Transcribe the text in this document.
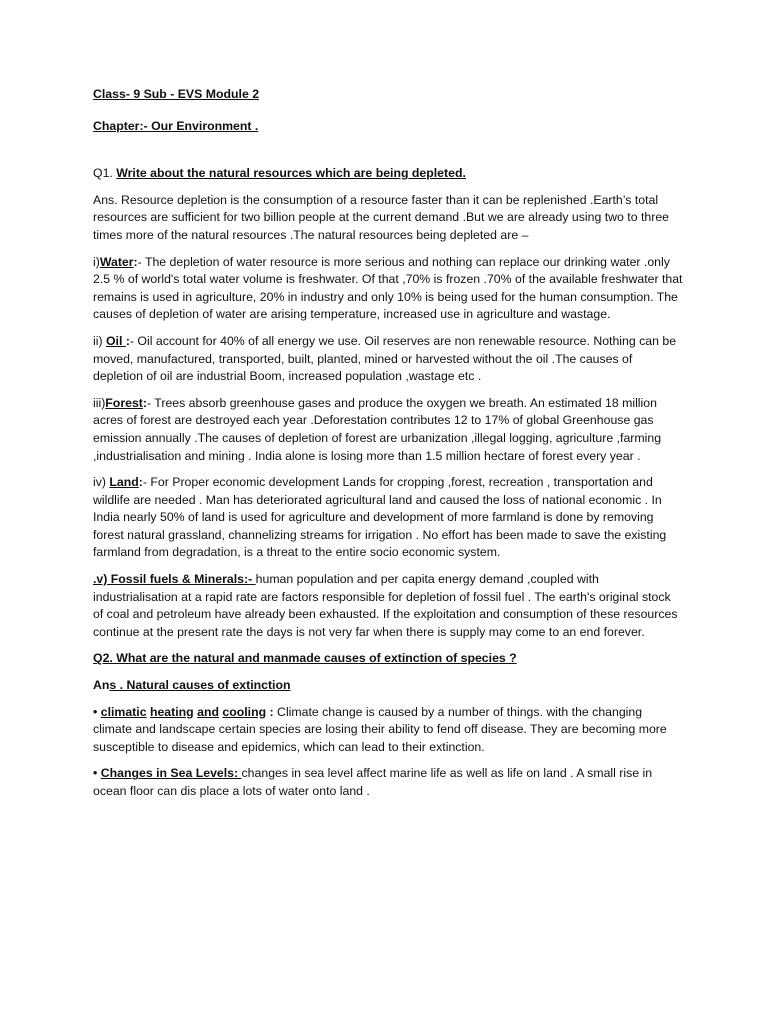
Class- 9 Sub - EVS Module 2

Chapter:- Our Environment .

Q1. Write about the natural resources which are being depleted.

Ans. Resource depletion is the consumption of a resource faster than it can be replenished .Earth’s total resources are sufficient for two billion people at the current demand .But we are already using two to three times more of the natural resources .The natural resources being depleted are –

i)Water:- The depletion of water resource is more serious and nothing can replace our drinking water .only 2.5 % of world's total water volume is freshwater. Of that ,70% is frozen .70% of the available freshwater that remains is used in agriculture, 20% in industry and only 10% is being used for the human consumption. The causes of depletion of water are arising temperature, increased use in agriculture and wastage.

ii) Oil :- Oil account for 40% of all energy we use. Oil reserves are non renewable resource. Nothing can be moved, manufactured, transported, built, planted, mined or harvested without the oil .The causes of depletion of oil are industrial Boom, increased population ,wastage etc .

iii)Forest:- Trees absorb greenhouse gases and produce the oxygen we breath. An estimated 18 million acres of forest are destroyed each year .Deforestation contributes 12 to 17% of global Greenhouse gas emission annually .The causes of depletion of forest are urbanization ,illegal logging, agriculture ,farming ,industrialisation and mining . India alone is losing more than 1.5 million hectare of forest every year .

iv) Land:- For Proper economic development Lands for cropping ,forest, recreation , transportation and wildlife are needed . Man has deteriorated agricultural land and caused the loss of national economic . In India nearly 50% of land is used for agriculture and development of more farmland is done by removing forest natural grassland, channelizing streams for irrigation . No effort has been made to save the existing farmland from degradation, is a threat to the entire socio economic system.

.v) Fossil fuels & Minerals:- human population and per capita energy demand ,coupled with industrialisation at a rapid rate are factors responsible for depletion of fossil fuel . The earth's original stock of coal and petroleum have already been exhausted. If the exploitation and consumption of these resources continue at the present rate the days is not very far when there is supply may come to an end forever.

Q2. What are the natural and manmade causes of extinction of species ?

Ans . Natural causes of extinction

• climatic heating and cooling : Climate change is caused by a number of things. with the changing climate and landscape certain species are losing their ability to fend off disease. They are becoming more susceptible to disease and epidemics, which can lead to their extinction.

• Changes in Sea Levels: changes in sea level affect marine life as well as life on land . A small rise in ocean floor can dis place a lots of water onto land .
